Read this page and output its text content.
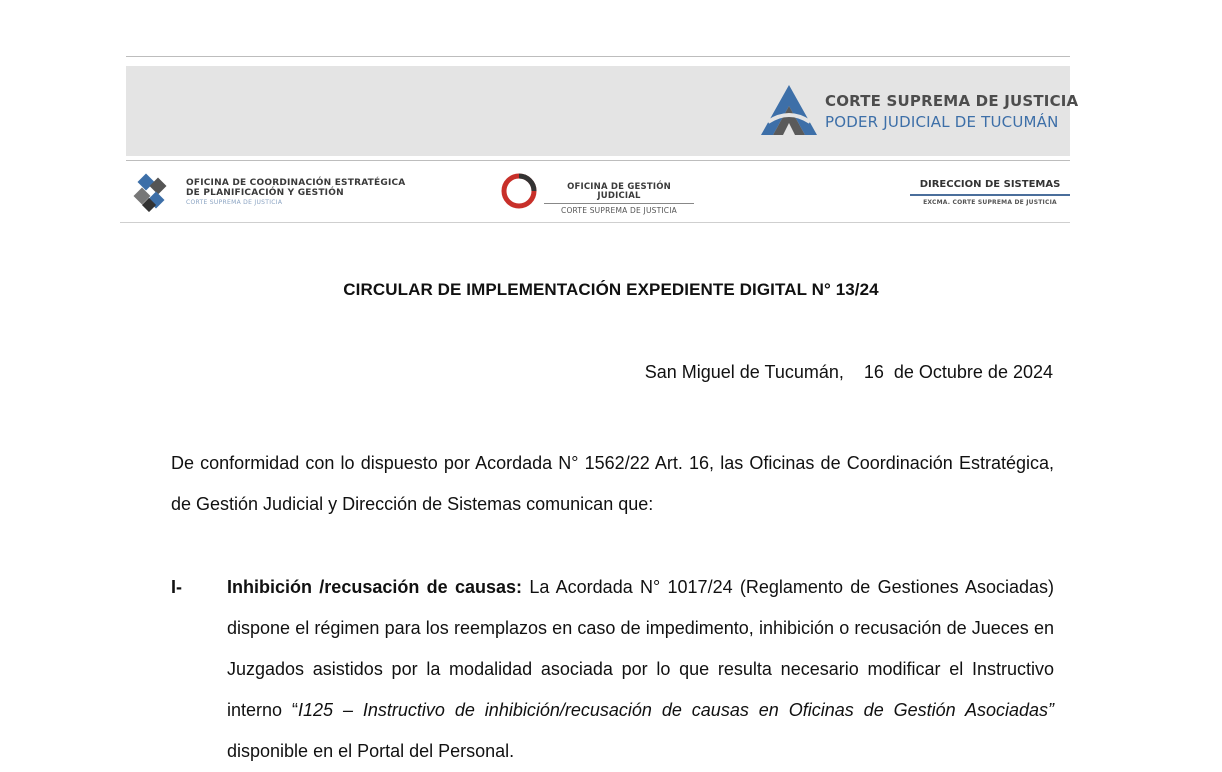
CORTE SUPREMA DE JUSTICIA
PODER JUDICIAL DE TUCUMÁN
OFICINA DE COORDINACIÓN ESTRATÉGICA
DE PLANIFICACIÓN Y GESTIÓN
CORTE SUPREMA DE JUSTICIA
OFICINA DE GESTIÓN JUDICIAL
CORTE SUPREMA DE JUSTICIA
DIRECCION DE SISTEMAS
EXCMA. CORTE SUPREMA DE JUSTICIA
CIRCULAR DE IMPLEMENTACIÓN EXPEDIENTE DIGITAL N° 13/24
San Miguel de Tucumán,    16  de Octubre de 2024
De conformidad con lo dispuesto por Acordada N° 1562/22 Art. 16, las Oficinas de Coordinación Estratégica, de Gestión Judicial y Dirección de Sistemas comunican que:
I-	Inhibición /recusación de causas: La Acordada N° 1017/24 (Reglamento de Gestiones Asociadas) dispone el régimen para los reemplazos en caso de impedimento, inhibición o recusación de Jueces en Juzgados asistidos por la modalidad asociada por lo que resulta necesario modificar el Instructivo interno “I125 – Instructivo de inhibición/recusación de causas en Oficinas de Gestión Asociadas” disponible en el Portal del Personal.
